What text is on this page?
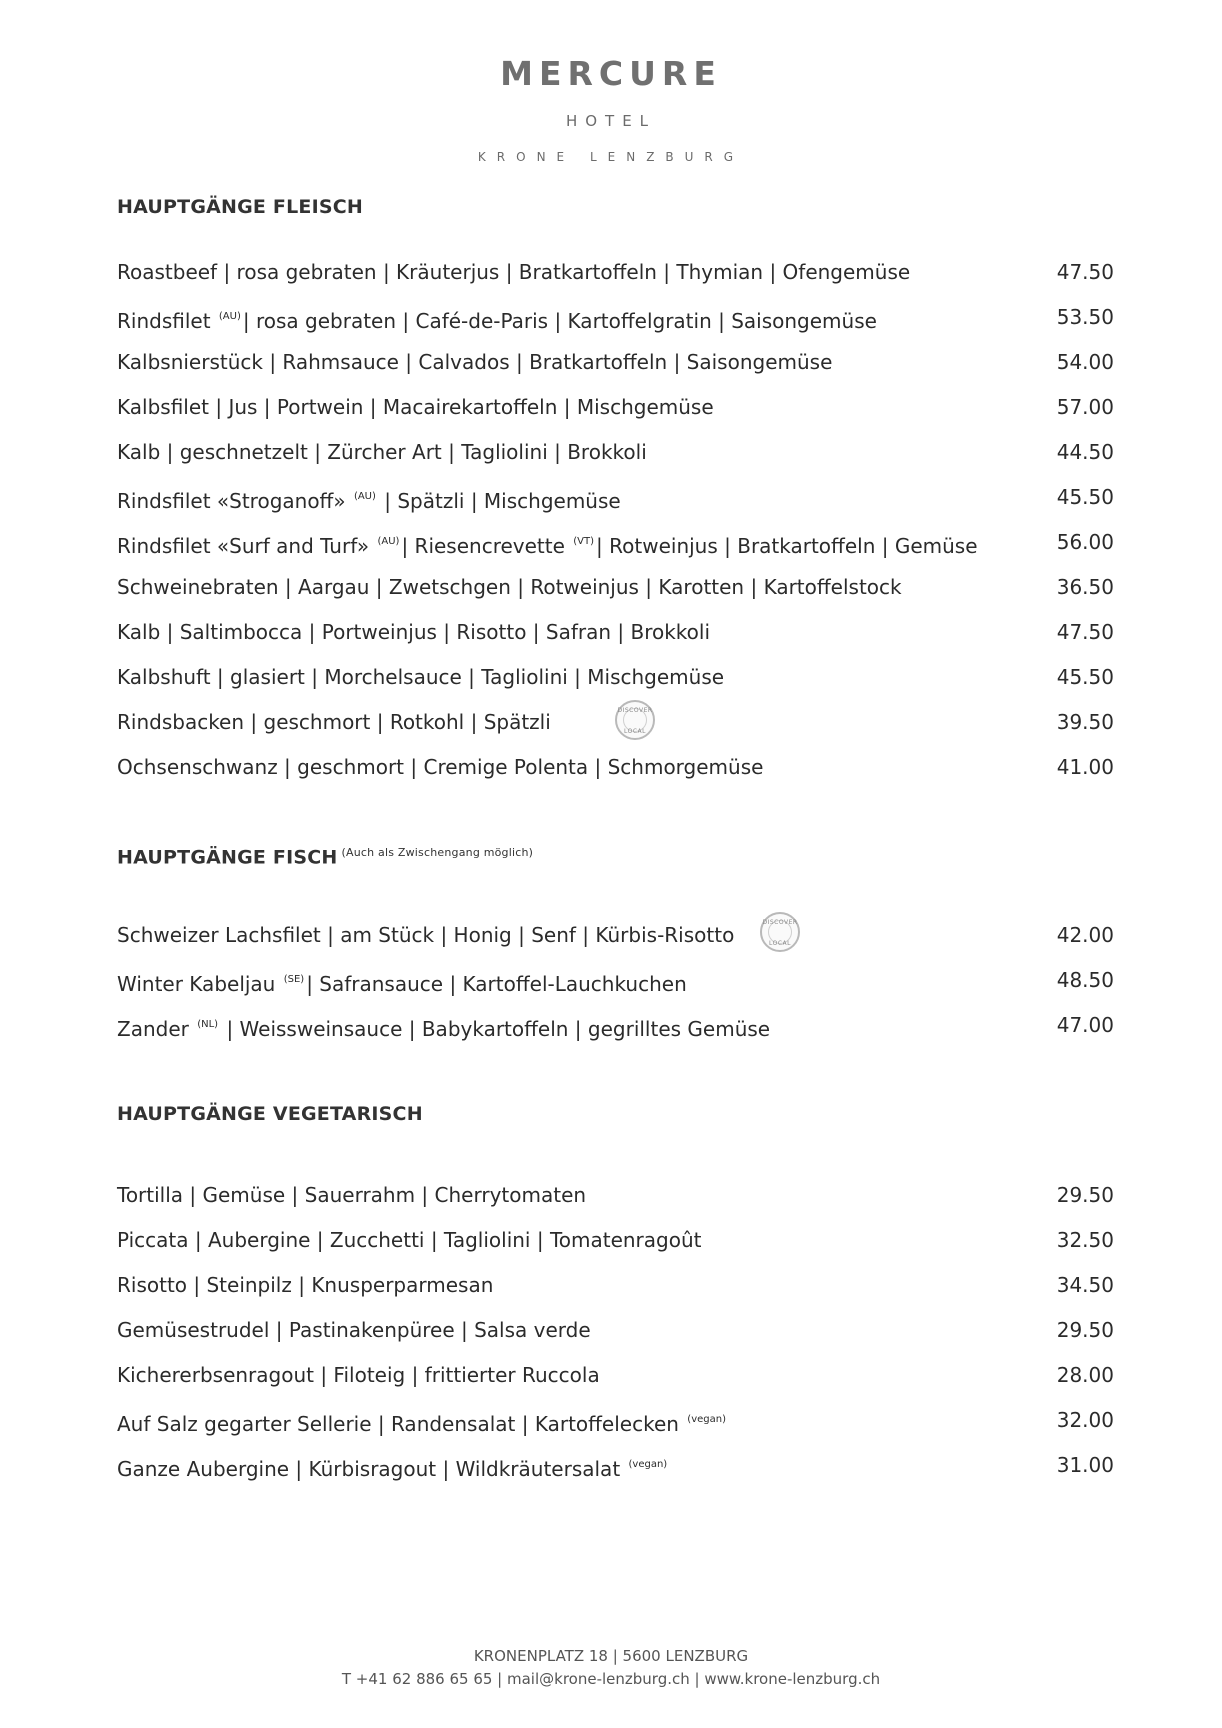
MERCURE
HOTEL
KRONE LENZBURG
HAUPTGÄNGE FLEISCH
Roastbeef | rosa gebraten | Kräuterjus | Bratkartoffeln | Thymian | Ofengemüse	47.50
Rindsfilet $^{(AU)}$ | rosa gebraten | Café-de-Paris | Kartoffelgratin | Saisongemüse	53.50
Kalbsnierstück | Rahmsauce | Calvados | Bratkartoffeln | Saisongemüse	54.00
Kalbsfilet | Jus | Portwein | Macairekartoffeln | Mischgemüse	57.00
Kalb | geschnetzelt | Zürcher Art | Tagliolini | Brokkoli	44.50
Rindsfilet «Stroganoff» $^{(AU)}$ | Spätzli | Mischgemüse	45.50
Rindsfilet «Surf and Turf» $^{(AU)}$ | Riesencrevette $^{(VT)}$ | Rotweinjus | Bratkartoffeln | Gemüse	56.00
Schweinebraten | Aargau | Zwetschgen | Rotweinjus | Karotten | Kartoffelstock	36.50
Kalb | Saltimbocca | Portweinjus | Risotto | Safran | Brokkoli	47.50
Kalbshuft | glasiert | Morchelsauce | Tagliolini | Mischgemüse	45.50
Rindsbacken | geschmort | Rotkohl | Spätzli	39.50
DISCOVER
LOCAL
Ochsenschwanz | geschmort | Cremige Polenta | Schmorgemüse	41.00
HAUPTGÄNGE FISCH $^{(Auch als Zwischengang möglich)}$
Schweizer Lachsfilet | am Stück | Honig | Senf | Kürbis-Risotto	42.00
DISCOVER
LOCAL
Winter Kabeljau $^{(SE)}$ | Safransauce | Kartoffel-Lauchkuchen	48.50
Zander $^{(NL)}$ | Weissweinsauce | Babykartoffeln | gegrilltes Gemüse	47.00
HAUPTGÄNGE VEGETARISCH
Tortilla | Gemüse | Sauerrahm | Cherrytomaten	29.50
Piccata | Aubergine | Zucchetti | Tagliolini | Tomatenragoût	32.50
Risotto | Steinpilz | Knusperparmesan	34.50
Gemüsestrudel | Pastinakenpüree | Salsa verde	29.50
Kichererbsenragout | Filoteig | frittierter Ruccola	28.00
Auf Salz gegarter Sellerie | Randensalat | Kartoffelecken $^{(vegan)}$	32.00
Ganze Aubergine | Kürbisragout | Wildkräutersalat $^{(vegan)}$	31.00
KRONENPLATZ 18 | 5600 LENZBURG
T +41 62 886 65 65 | mail@krone-lenzburg.ch | www.krone-lenzburg.ch
